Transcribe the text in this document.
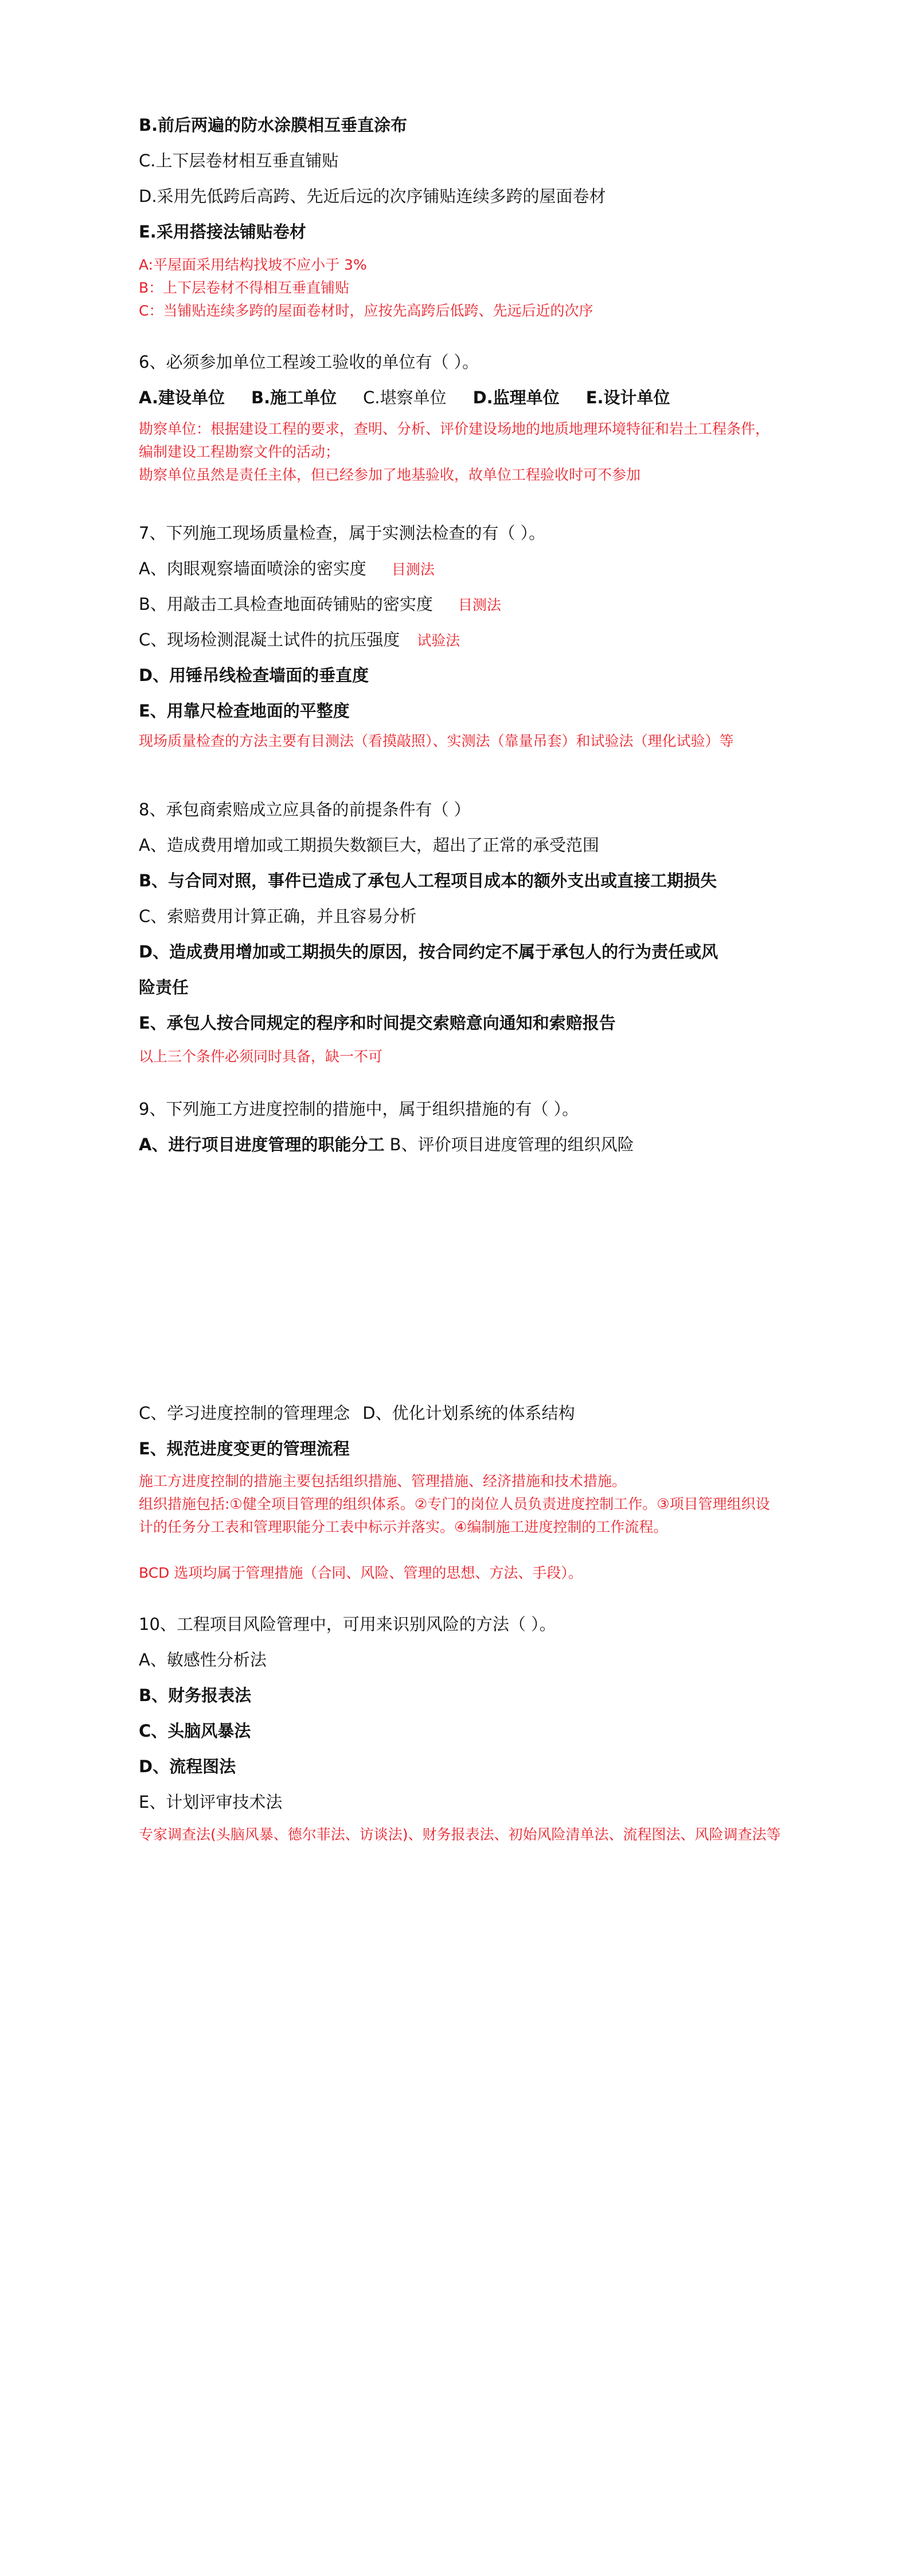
B.前后两遍的防水涂膜相互垂直涂布
C.上下层卷材相互垂直铺贴
D.采用先低跨后高跨、先近后远的次序铺贴连续多跨的屋面卷材
E.采用搭接法铺贴卷材
A:平屋面采用结构找坡不应小于 3%
B：上下层卷材不得相互垂直铺贴
C：当铺贴连续多跨的屋面卷材时，应按先高跨后低跨、先远后近的次序
6、必须参加单位工程竣工验收的单位有（ ）。
A.建设单位 B.施工单位 C.堪察单位 D.监理单位 E.设计单位
勘察单位：根据建设工程的要求，查明、分析、评价建设场地的地质地理环境特征和岩土工程条件，编制建设工程勘察文件的活动；
勘察单位虽然是责任主体，但已经参加了地基验收，故单位工程验收时可不参加
7、下列施工现场质量检查，属于实测法检查的有（ ）。
A、肉眼观察墙面喷涂的密实度 目测法
B、用敲击工具检查地面砖铺贴的密实度 目测法
C、现场检测混凝土试件的抗压强度 试验法
D、用锤吊线检查墙面的垂直度
E、用靠尺检查地面的平整度
现场质量检查的方法主要有目测法（看摸敲照）、实测法（靠量吊套）和试验法（理化试验）等
8、承包商索赔成立应具备的前提条件有（ ）
A、造成费用增加或工期损失数额巨大，超出了正常的承受范围
B、与合同对照，事件已造成了承包人工程项目成本的额外支出或直接工期损失
C、索赔费用计算正确，并且容易分析
D、造成费用增加或工期损失的原因，按合同约定不属于承包人的行为责任或风
险责任
E、承包人按合同规定的程序和时间提交索赔意向通知和索赔报告
以上三个条件必须同时具备，缺一不可
9、下列施工方进度控制的措施中，属于组织措施的有（ ）。
A、进行项目进度管理的职能分工 B、评价项目进度管理的组织风险
C、学习进度控制的管理理念 D、优化计划系统的体系结构
E、规范进度变更的管理流程
施工方进度控制的措施主要包括组织措施、管理措施、经济措施和技术措施。
组织措施包括:①健全项目管理的组织体系。②专门的岗位人员负责进度控制工作。③项目管理组织设计的任务分工表和管理职能分工表中标示并落实。④编制施工进度控制的工作流程。
BCD 选项均属于管理措施（合同、风险、管理的思想、方法、手段）。
10、工程项目风险管理中，可用来识别风险的方法（ ）。
A、敏感性分析法
B、财务报表法
C、头脑风暴法
D、流程图法
E、计划评审技术法
专家调查法(头脑风暴、德尔菲法、访谈法)、财务报表法、初始风险清单法、流程图法、风险调查法等
